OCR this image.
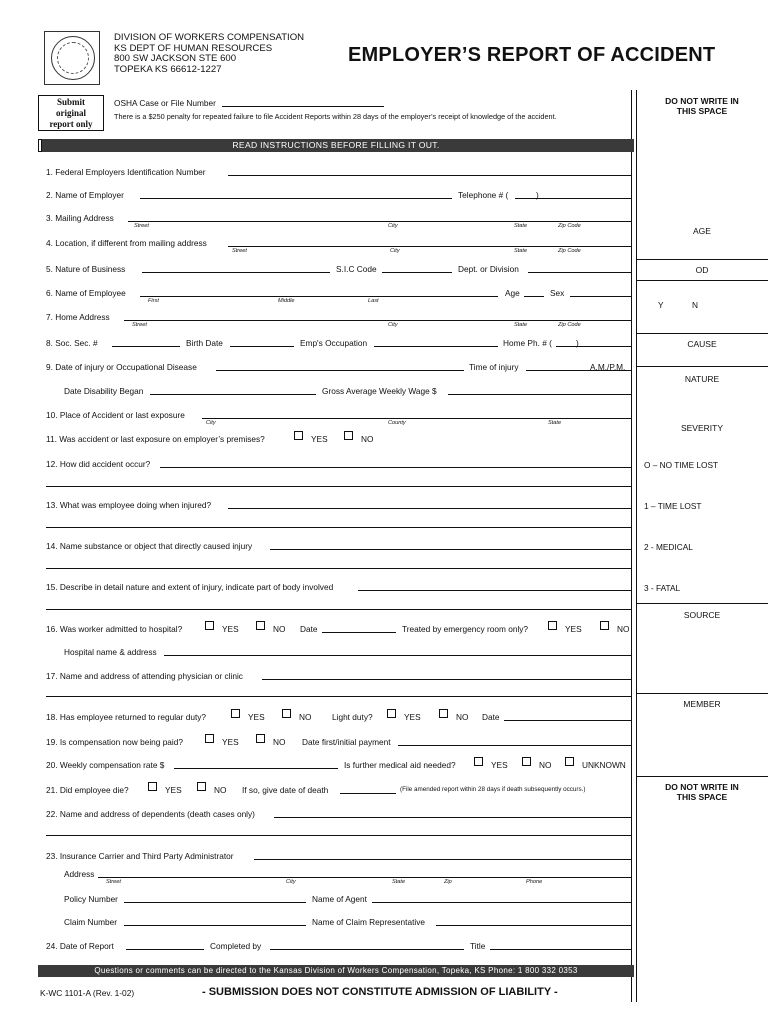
DIVISION OF WORKERS COMPENSATION
KS DEPT OF HUMAN RESOURCES
800 SW JACKSON STE 600
TOPEKA KS 66612-1227
EMPLOYER’S REPORT OF ACCIDENT
Submit
original
report only
OSHA Case or File Number
There is a $250 penalty for repeated failure to file Accident Reports within 28 days of the employer’s receipt of knowledge of the accident.
READ INSTRUCTIONS BEFORE FILLING IT OUT.
DO NOT WRITE IN THIS SPACE
AGE
OD
Y	N
CAUSE
NATURE
SEVERITY
O – NO TIME LOST
1 – TIME LOST
2 - MEDICAL
3 - FATAL
SOURCE
MEMBER
DO NOT WRITE IN THIS SPACE
1. Federal Employers Identification Number
2. Name of Employer	Telephone # (	)
3. Mailing Address
Street	City	State	Zip Code
4. Location, if different from mailing address
Street	City	State	Zip Code
5. Nature of Business	S.I.C Code	Dept. or Division
6. Name of Employee
First	Middle	Last
Age	Sex
7. Home Address
Street	City	State	Zip Code
8. Soc. Sec. #	Birth Date	Emp's Occupation	Home Ph. # (	)
9. Date of injury or Occupational Disease	Time of injury	A.M./P.M.
Date Disability Began	Gross Average Weekly Wage $
10. Place of Accident or last exposure
City	County	State
11. Was accident or last exposure on employer’s premises?	YES	NO
12. How did accident occur?
13. What was employee doing when injured?
14. Name substance or object that directly caused injury
15. Describe in detail nature and extent of injury, indicate part of body involved
16. Was worker admitted to hospital?	YES	NO Date	Treated by emergency room only?	YES	NO
Hospital name & address
17. Name and address of attending physician or clinic
18. Has employee returned to regular duty?	YES	NO Light duty?	YES	NO Date
19. Is compensation now being paid?	YES	NO Date first/initial payment
20. Weekly compensation rate $	Is further medical aid needed?	YES	NO	UNKNOWN
21. Did employee die?	YES	NO If so, give date of death	(File amended report within 28 days if death subsequently occurs.)
22. Name and address of dependents (death cases only)
23. Insurance Carrier and Third Party Administrator
Address
Street	City	State	Zip	Phone
Policy Number	Name of Agent
Claim Number	Name of Claim Representative
24. Date of Report	Completed by	Title
Questions or comments can be directed to the Kansas Division of Workers Compensation, Topeka, KS Phone: 1 800 332 0353
K-WC 1101-A (Rev. 1-02)	- SUBMISSION DOES NOT CONSTITUTE ADMISSION OF LIABILITY -
